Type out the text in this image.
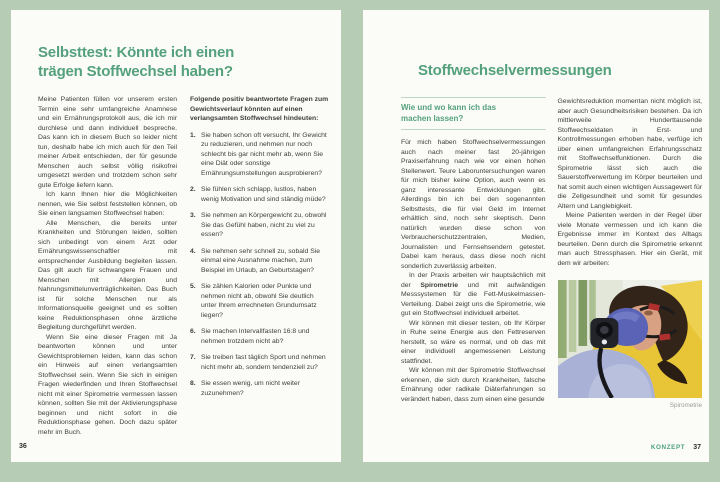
Selbsttest: Könnte ich einen
trägen Stoffwechsel haben?

Meine Patienten füllen vor unserem ersten Termin eine sehr umfangreiche Anamnese und ein Ernährungsprotokoll aus, die ich mir durchlese und dann individuell bespreche. Das kann ich in diesem Buch so leider nicht tun, deshalb habe ich mich auch für den Teil meiner Arbeit entschieden, der für gesunde Menschen auch selbst völlig risikofrei umgesetzt werden und trotzdem schon sehr gute Erfolge liefern kann.

Ich kann Ihnen hier die Möglichkeiten nennen, wie Sie selbst feststellen können, ob Sie einen langsamen Stoffwechsel haben:

Alle Menschen, die bereits unter Krankheiten und Störungen leiden, sollten sich unbedingt von einem Arzt oder Ernährungswissenschaftler mit entsprechender Ausbildung begleiten lassen. Das gilt auch für schwangere Frauen und Menschen mit Allergien und Nahrungsmittelunverträglichkeiten. Das Buch ist für solche Menschen nur als Informationsquelle geeignet und es sollten keine Reduktionsphasen ohne ärztliche Begleitung durchgeführt werden.

Wenn Sie eine dieser Fragen mit Ja beantworten können und unter Gewichtsproblemen leiden, kann das schon ein Hinweis auf einen verlangsamten Stoffwechsel sein. Wenn Sie sich in einigen Fragen wiederfinden und Ihren Stoffwechsel nicht mit einer Spirometrie vermessen lassen können, sollten Sie mit der Aktivierungsphase beginnen und nicht sofort in die Reduktionsphase gehen. Doch dazu später mehr im Buch.

Folgende positiv beantwortete Fragen zum Gewichtsverlauf könnten auf einen verlangsamten Stoffwechsel hindeuten:

1. Sie haben schon oft versucht, Ihr Gewicht zu reduzieren, und nehmen nur noch schlecht bis gar nicht mehr ab, wenn Sie eine Diät oder sonstige Ernährungsumstellungen ausprobieren?
2. Sie fühlen sich schlapp, lustlos, haben wenig Motivation und sind ständig müde?
3. Sie nehmen an Körpergewicht zu, obwohl Sie das Gefühl haben, nicht zu viel zu essen?
4. Sie nehmen sehr schnell zu, sobald Sie einmal eine Ausnahme machen, zum Beispiel im Urlaub, an Geburtstagen?
5. Sie zählen Kalorien oder Punkte und nehmen nicht ab, obwohl Sie deutlich unter Ihrem errechneten Grundumsatz liegen?
6. Sie machen Intervallfasten 16:8 und nehmen trotzdem nicht ab?
7. Sie treiben fast täglich Sport und nehmen nicht mehr ab, sondern tendenziell zu?
8. Sie essen wenig, um nicht weiter zuzunehmen?
36
Stoffwechselvermessungen
Wie und wo kann ich das
machen lassen?

Für mich haben Stoffwechselvermessungen auch nach meiner fast 20-jährigen Praxiserfahrung nach wie vor einen hohen Stellenwert. Teure Laboruntersuchungen waren für mich bisher keine Option, auch wenn es ganz interessante Entwicklungen gibt. Allerdings bin ich bei den sogenannten Selbsttests, die für viel Geld im Internet erhältlich sind, noch sehr skeptisch. Denn natürlich wurden diese schon von Verbraucherschutzzentralen, Medien, Journalisten und Fernsehsendern getestet. Dabei kam heraus, dass diese noch nicht sonderlich zuverlässig arbeiten.

In der Praxis arbeiten wir hauptsächlich mit der Spirometrie und mit aufwändigen Messsystemen für die Fett-Muskelmassen-Verteilung. Dabei zeigt uns die Spirometrie, wie gut ein Stoffwechsel individuell arbeitet.

Wir können mit dieser testen, ob Ihr Körper in Ruhe seine Energie aus den Fettreserven herstellt, so wäre es normal, und ob das mit einer individuell angemessenen Leistung stattfindet.

Wir können mit der Spirometrie Stoffwechsel erkennen, die sich durch Krankheiten, falsche Ernährung oder radikale Diäterfahrungen so verändert haben, dass zum einen eine gesunde

Gewichtsreduktion momentan nicht möglich ist, aber auch Gesundheitsrisiken bestehen. Da ich mittlerweile Hunderttausende Stoffwechseldaten in Erst- und Kontrollmessungen erhoben habe, verfüge ich über einen umfangreichen Erfahrungsschatz mit Stoffwechselfunktionen. Durch die Spirometrie lässt sich auch die Sauerstoffverwertung im Körper beurteilen und hat somit auch einen wichtigen Aussagewert für die Zellgesundheit und somit für gesundes Altern und Langlebigkeit.

Meine Patienten werden in der Regel über viele Monate vermessen und ich kann die Ergebnisse immer im Kontext des Alltags beurteilen. Denn durch die Spirometrie erkennt man auch Stressphasen. Hier ein Gerät, mit dem wir arbeiten:

Spirometrie
KONZEPT 37
